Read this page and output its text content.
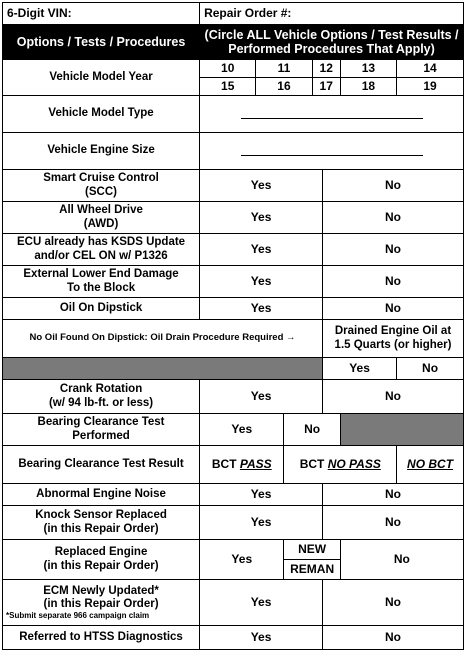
6-Digit VIN:	Repair Order #:						
Options / Tests / Procedures	(Circle ALL Vehicle Options / Test Results /
Performed Procedures That Apply)						

Vehicle Model Year	10	11		12		13	14
	15	16		17		18	19
Vehicle Model Type							
Vehicle Engine Size							

Smart Cruise Control
(SCC)	Yes				No		

All Wheel Drive
(AWD)	Yes				No		

ECU already has KSDS Update
and/or CEL ON w/ P1326	Yes				No		

External Lower End Damage
To the Block	Yes				No		
Oil On Dipstick	Yes				No		
No Oil Found On Dipstick: Oil Drain Procedure Required →					Drained Engine Oil at
1.5 Quarts (or higher)		

					Yes		No

Crank Rotation
(w/ 94 lb-ft. or less)	Yes				No		

Bearing Clearance Test
Performed	Yes		No				
Bearing Clearance Test Result	BCT PASS		BCT NO PASS				NO BCT
Abnormal Engine Noise	Yes				No		

Knock Sensor Replaced
(in this Repair Order)	Yes				No		

Replaced Engine
(in this Repair Order)	Yes		NEW			No	
			REMAN				

ECM Newly Updated*
(in this Repair Order)
*Submit separate 966 campaign claim	Yes				No		
Referred to HTSS Diagnostics	Yes				No		
